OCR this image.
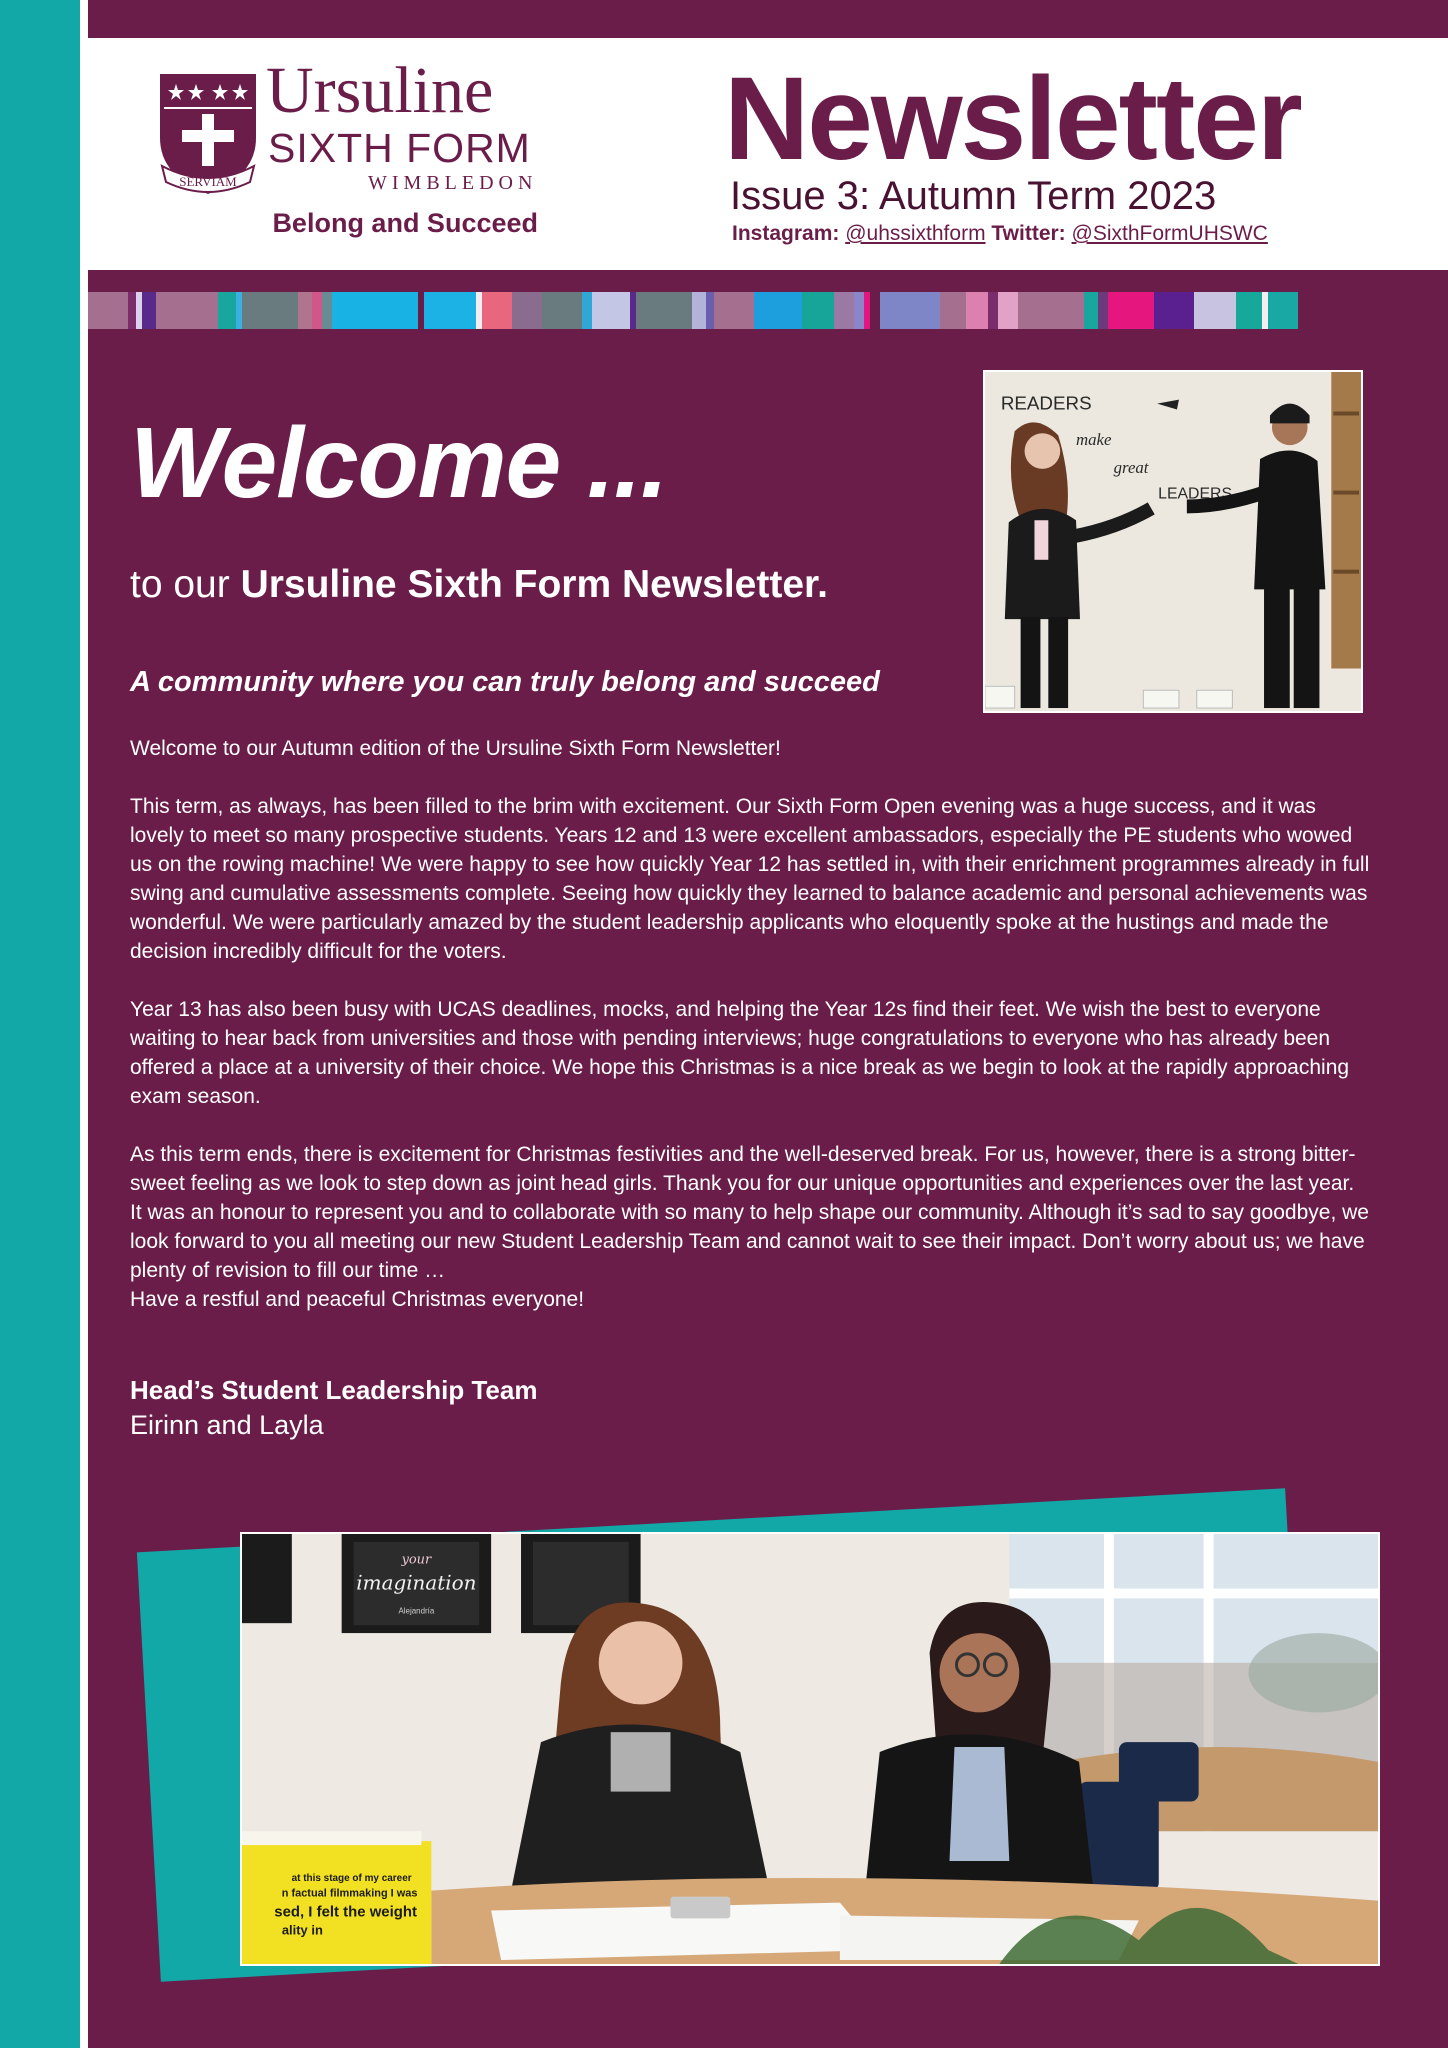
SERVIAM
Ursuline
SIXTH FORM
WIMBLEDON
Belong and Succeed
Newsletter
Issue 3: Autumn Term 2023
Instagram: @uhssixthform Twitter: @SixthFormUHSWC
Welcome ...
to our Ursuline Sixth Form Newsletter.
A community where you can truly belong and succeed
READERS
make
great
LEADERS

Welcome to our Autumn edition of the Ursuline Sixth Form Newsletter!

This term, as always, has been filled to the brim with excitement. Our Sixth Form Open evening was a huge success, and it was lovely to meet so many prospective students. Years 12 and 13 were excellent ambassadors, especially the PE students who wowed us on the rowing machine! We were happy to see how quickly Year 12 has settled in, with their enrichment programmes already in full swing and cumulative assessments complete. Seeing how quickly they learned to balance academic and personal achievements was wonderful. We were particularly amazed by the student leadership applicants who eloquently spoke at the hustings and made the decision incredibly difficult for the voters.

Year 13 has also been busy with UCAS deadlines, mocks, and helping the Year 12s find their feet. We wish the best to everyone waiting to hear back from universities and those with pending interviews; huge congratulations to everyone who has already been offered a place at a university of their choice. We hope this Christmas is a nice break as we begin to look at the rapidly approaching exam season.

As this term ends, there is excitement for Christmas festivities and the well-deserved break. For us, however, there is a strong bitter-sweet feeling as we look to step down as joint head girls. Thank you for our unique opportunities and experiences over the last year. It was an honour to represent you and to collaborate with so many to help shape our community. Although it’s sad to say goodbye, we look forward to you all meeting our new Student Leadership Team and cannot wait to see their impact. Don’t worry about us; we have plenty of revision to fill our time …

Have a restful and peaceful Christmas everyone!

Head’s Student Leadership Team
Eirinn and Layla
your
imagination
Alejandría
at this stage of my career
n factual filmmaking I was
sed, I felt the weight
ality in
